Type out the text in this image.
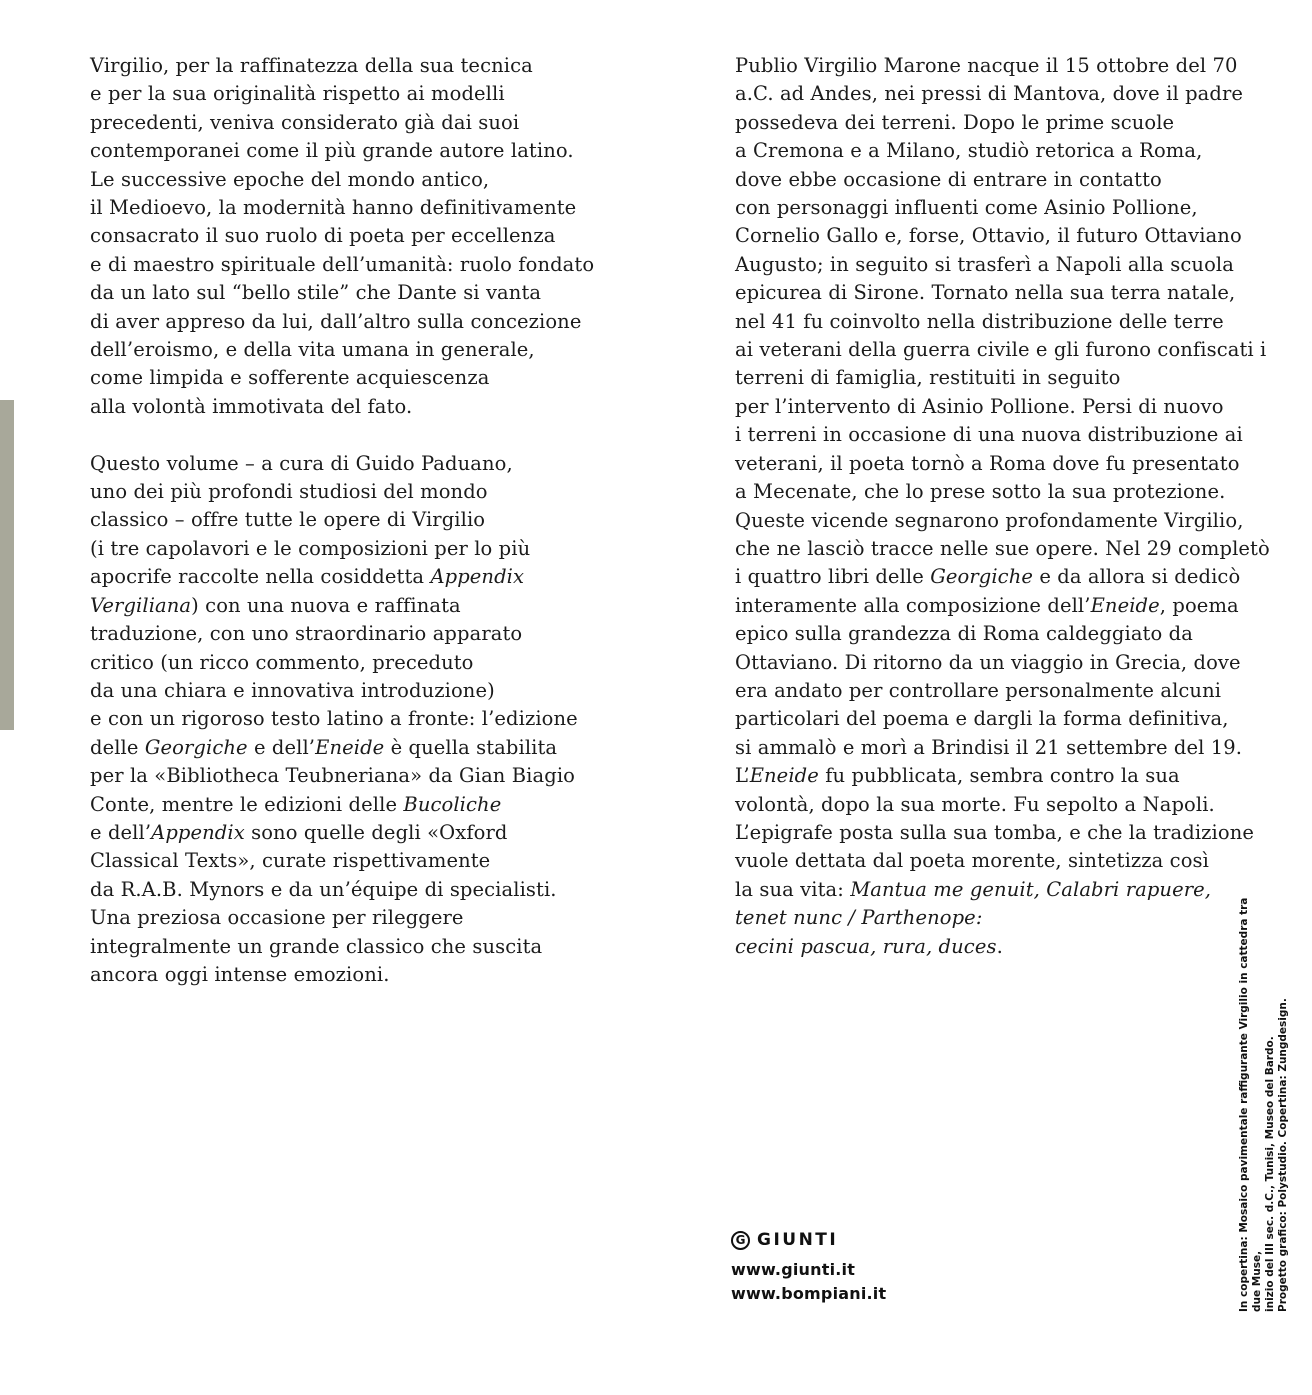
Virgilio, per la raffinatezza della sua tecnica
e per la sua originalità rispetto ai modelli
precedenti, veniva considerato già dai suoi
contemporanei come il più grande autore latino.
Le successive epoche del mondo antico,
il Medioevo, la modernità hanno definitivamente
consacrato il suo ruolo di poeta per eccellenza
e di maestro spirituale dell’umanità: ruolo fondato
da un lato sul “bello stile” che Dante si vanta
di aver appreso da lui, dall’altro sulla concezione
dell’eroismo, e della vita umana in generale,
come limpida e sofferente acquiescenza
alla volontà immotivata del fato.

Questo volume – a cura di Guido Paduano,
uno dei più profondi studiosi del mondo
classico – offre tutte le opere di Virgilio
(i tre capolavori e le composizioni per lo più
apocrife raccolte nella cosiddetta Appendix
Vergiliana) con una nuova e raffinata
traduzione, con uno straordinario apparato
critico (un ricco commento, preceduto
da una chiara e innovativa introduzione)
e con un rigoroso testo latino a fronte: l’edizione
delle Georgiche e dell’Eneide è quella stabilita
per la «Bibliotheca Teubneriana» da Gian Biagio
Conte, mentre le edizioni delle Bucoliche
e dell’Appendix sono quelle degli «Oxford
Classical Texts», curate rispettivamente
da R.A.B. Mynors e da un’équipe di specialisti.
Una preziosa occasione per rileggere
integralmente un grande classico che suscita
ancora oggi intense emozioni.

Publio Virgilio Marone nacque il 15 ottobre del 70
a.C. ad Andes, nei pressi di Mantova, dove il padre
possedeva dei terreni. Dopo le prime scuole
a Cremona e a Milano, studiò retorica a Roma,
dove ebbe occasione di entrare in contatto
con personaggi influenti come Asinio Pollione,
Cornelio Gallo e, forse, Ottavio, il futuro Ottaviano
Augusto; in seguito si trasferì a Napoli alla scuola
epicurea di Sirone. Tornato nella sua terra natale,
nel 41 fu coinvolto nella distribuzione delle terre
ai veterani della guerra civile e gli furono confiscati i
terreni di famiglia, restituiti in seguito
per l’intervento di Asinio Pollione. Persi di nuovo
i terreni in occasione di una nuova distribuzione ai
veterani, il poeta tornò a Roma dove fu presentato
a Mecenate, che lo prese sotto la sua protezione.
Queste vicende segnarono profondamente Virgilio,
che ne lasciò tracce nelle sue opere. Nel 29 completò
i quattro libri delle Georgiche e da allora si dedicò
interamente alla composizione dell’Eneide, poema
epico sulla grandezza di Roma caldeggiato da
Ottaviano. Di ritorno da un viaggio in Grecia, dove
era andato per controllare personalmente alcuni
particolari del poema e dargli la forma definitiva,
si ammalò e morì a Brindisi il 21 settembre del 19.
L’Eneide fu pubblicata, sembra contro la sua
volontà, dopo la sua morte. Fu sepolto a Napoli.
L’epigrafe posta sulla sua tomba, e che la tradizione
vuole dettata dal poeta morente, sintetizza così
la sua vita: Mantua me genuit, Calabri rapuere,
tenet nunc / Parthenope:
cecini pascua, rura, duces.	In copertina: Mosaico pavimentale raffigurante Virgilio in cattedra tra due Muse, inizio del III sec. d.C., Tunisi, Museo del Bardo. Progetto grafico: Polystudio. Copertina: Zungdesign.
G GIUNTI
www.giunti.it
www.bompiani.it
